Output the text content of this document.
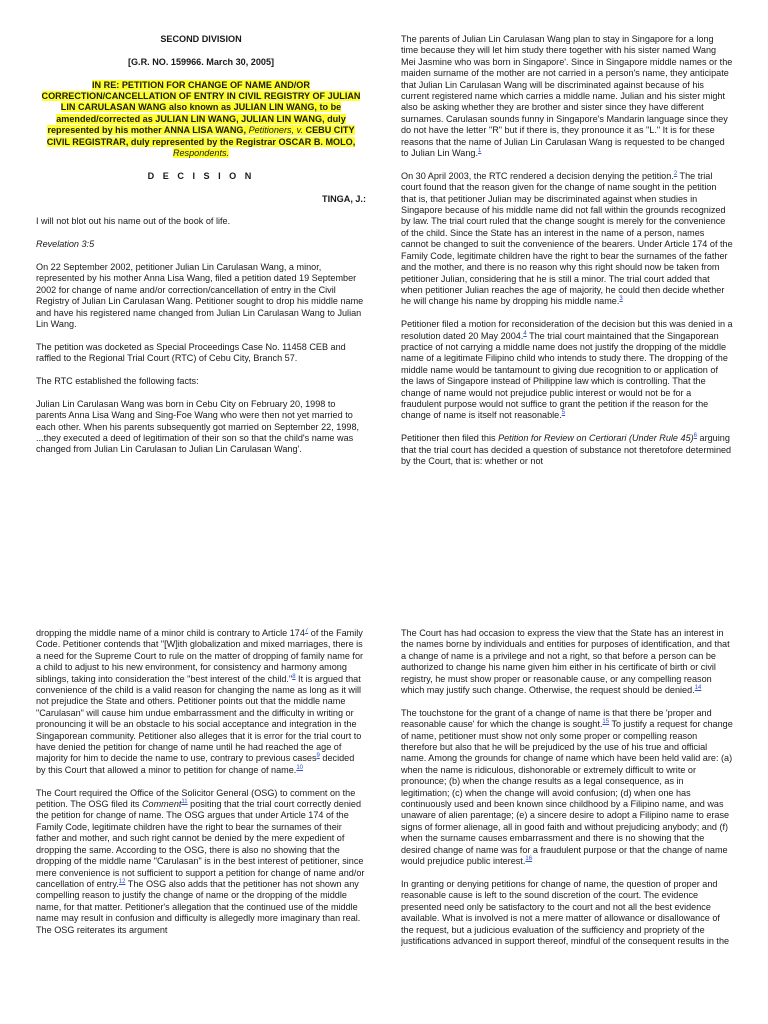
SECOND DIVISION
[G.R. NO. 159966. March 30, 2005]
IN RE: PETITION FOR CHANGE OF NAME AND/OR CORRECTION/CANCELLATION OF ENTRY IN CIVIL REGISTRY OF JULIAN LIN CARULASAN WANG also known as JULIAN LIN WANG, to be amended/corrected as JULIAN LIN WANG, JULIAN LIN WANG, duly represented by his mother ANNA LISA WANG, Petitioners, v. CEBU CITY CIVIL REGISTRAR, duly represented by the Registrar OSCAR B. MOLO, Respondents.
D E C I S I O N
TINGA, J.:

I will not blot out his name out of the book of life.

Revelation 3:5

On 22 September 2002, petitioner Julian Lin Carulasan Wang, a minor, represented by his mother Anna Lisa Wang, filed a petition dated 19 September 2002 for change of name and/or correction/cancellation of entry in the Civil Registry of Julian Lin Carulasan Wang. Petitioner sought to drop his middle name and have his registered name changed from Julian Lin Carulasan Wang to Julian Lin Wang.

The petition was docketed as Special Proceedings Case No. 11458 CEB and raffled to the Regional Trial Court (RTC) of Cebu City, Branch 57.

The RTC established the following facts:

Julian Lin Carulasan Wang was born in Cebu City on February 20, 1998 to parents Anna Lisa Wang and Sing-Foe Wang who were then not yet married to each other. When his parents subsequently got married on September 22, 1998, ...they executed a deed of legitimation of their son so that the child's name was changed from Julian Lin Carulasan to Julian Lin Carulasan Wang'.

The parents of Julian Lin Carulasan Wang plan to stay in Singapore for a long time because they will let him study there together with his sister named Wang Mei Jasmine who was born in Singapore'. Since in Singapore middle names or the maiden surname of the mother are not carried in a person's name, they anticipate that Julian Lin Carulasan Wang will be discriminated against because of his current registered name which carries a middle name. Julian and his sister might also be asking whether they are brother and sister since they have different surnames. Carulasan sounds funny in Singapore's Mandarin language since they do not have the letter "R" but if there is, they pronounce it as "L." It is for these reasons that the name of Julian Lin Carulasan Wang is requested to be changed to Julian Lin Wang.$^1$

On 30 April 2003, the RTC rendered a decision denying the petition.$^2$ The trial court found that the reason given for the change of name sought in the petition that is, that petitioner Julian may be discriminated against when studies in Singapore because of his middle name did not fall within the grounds recognized by law. The trial court ruled that the change sought is merely for the convenience of the child. Since the State has an interest in the name of a person, names cannot be changed to suit the convenience of the bearers. Under Article 174 of the Family Code, legitimate children have the right to bear the surnames of the father and the mother, and there is no reason why this right should now be taken from petitioner Julian, considering that he is still a minor. The trial court added that when petitioner Julian reaches the age of majority, he could then decide whether he will change his name by dropping his middle name.$^3$

Petitioner filed a motion for reconsideration of the decision but this was denied in a resolution dated 20 May 2004.$^4$ The trial court maintained that the Singaporean practice of not carrying a middle name does not justify the dropping of the middle name of a legitimate Filipino child who intends to study there. The dropping of the middle name would be tantamount to giving due recognition to or application of the laws of Singapore instead of Philippine law which is controlling. That the change of name would not prejudice public interest or would not be for a fraudulent purpose would not suffice to grant the petition if the reason for the change of name is itself not reasonable.$^5$

Petitioner then filed this Petition for Review on Certiorari (Under Rule 45)$^6$ arguing that the trial court has decided a question of substance not theretofore determined by the Court, that is: whether or not

dropping the middle name of a minor child is contrary to Article 174$^7$ of the Family Code. Petitioner contends that "[W]ith globalization and mixed marriages, there is a need for the Supreme Court to rule on the matter of dropping of family name for a child to adjust to his new environment, for consistency and harmony among siblings, taking into consideration the "best interest of the child."$^8$ It is argued that convenience of the child is a valid reason for changing the name as long as it will not prejudice the State and others. Petitioner points out that the middle name "Carulasan" will cause him undue embarrassment and the difficulty in writing or pronouncing it will be an obstacle to his social acceptance and integration in the Singaporean community. Petitioner also alleges that it is error for the trial court to have denied the petition for change of name until he had reached the age of majority for him to decide the name to use, contrary to previous cases$^9$ decided by this Court that allowed a minor to petition for change of name.$^{10}$

The Court required the Office of the Solicitor General (OSG) to comment on the petition. The OSG filed its Comment$^{11}$ positing that the trial court correctly denied the petition for change of name. The OSG argues that under Article 174 of the Family Code, legitimate children have the right to bear the surnames of their father and mother, and such right cannot be denied by the mere expedient of dropping the same. According to the OSG, there is also no showing that the dropping of the middle name "Carulasan" is in the best interest of petitioner, since mere convenience is not sufficient to support a petition for change of name and/or cancellation of entry.$^{12}$ The OSG also adds that the petitioner has not shown any compelling reason to justify the change of name or the dropping of the middle name, for that matter. Petitioner's allegation that the continued use of the middle name may result in confusion and difficulty is allegedly more imaginary than real. The OSG reiterates its argument

The Court has had occasion to express the view that the State has an interest in the names borne by individuals and entities for purposes of identification, and that a change of name is a privilege and not a right, so that before a person can be authorized to change his name given him either in his certificate of birth or civil registry, he must show proper or reasonable cause, or any compelling reason which may justify such change. Otherwise, the request should be denied.$^{14}$

The touchstone for the grant of a change of name is that there be 'proper and reasonable cause' for which the change is sought.$^{15}$ To justify a request for change of name, petitioner must show not only some proper or compelling reason therefore but also that he will be prejudiced by the use of his true and official name. Among the grounds for change of name which have been held valid are: (a) when the name is ridiculous, dishonorable or extremely difficult to write or pronounce; (b) when the change results as a legal consequence, as in legitimation; (c) when the change will avoid confusion; (d) when one has continuously used and been known since childhood by a Filipino name, and was unaware of alien parentage; (e) a sincere desire to adopt a Filipino name to erase signs of former alienage, all in good faith and without prejudicing anybody; and (f) when the surname causes embarrassment and there is no showing that the desired change of name was for a fraudulent purpose or that the change of name would prejudice public interest.$^{16}$

In granting or denying petitions for change of name, the question of proper and reasonable cause is left to the sound discretion of the court. The evidence presented need only be satisfactory to the court and not all the best evidence available. What is involved is not a mere matter of allowance or disallowance of the request, but a judicious evaluation of the sufficiency and propriety of the justifications advanced in support thereof, mindful of the consequent results in the
